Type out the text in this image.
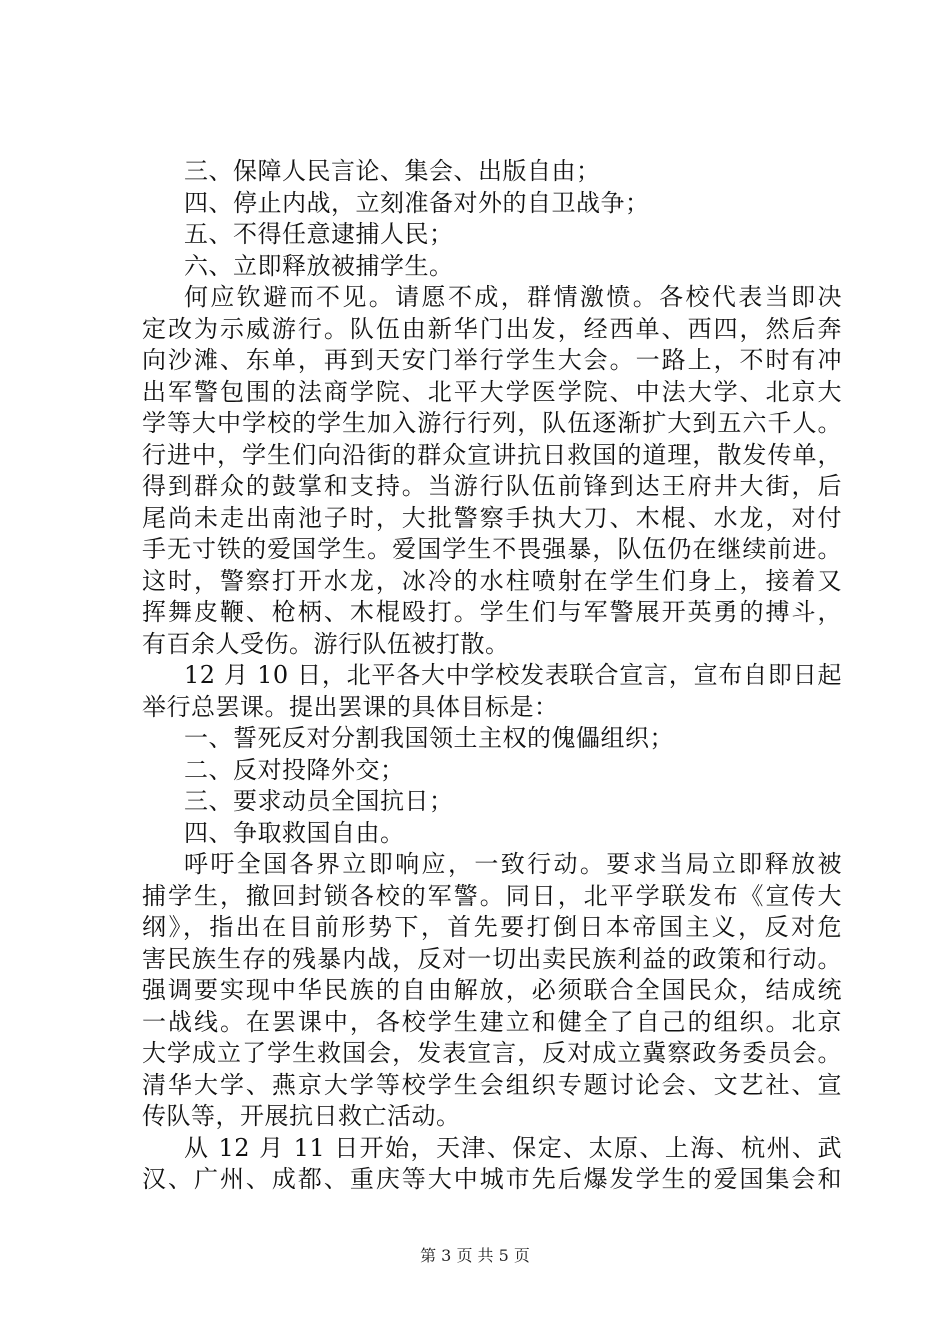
三、保障人民言论、集会、出版自由；
四、停止内战，立刻准备对外的自卫战争；
五、不得任意逮捕人民；
六、立即释放被捕学生。
何应钦避而不见。请愿不成，群情激愤。各校代表当即决
定改为示威游行。队伍由新华门出发，经西单、西四，然后奔
向沙滩、东单，再到天安门举行学生大会。一路上，不时有冲
出军警包围的法商学院、北平大学医学院、中法大学、北京大
学等大中学校的学生加入游行行列，队伍逐渐扩大到五六千人。
行进中，学生们向沿街的群众宣讲抗日救国的道理，散发传单，
得到群众的鼓掌和支持。当游行队伍前锋到达王府井大街，后
尾尚未走出南池子时，大批警察手执大刀、木棍、水龙，对付
手无寸铁的爱国学生。爱国学生不畏强暴，队伍仍在继续前进。
这时，警察打开水龙，冰冷的水柱喷射在学生们身上，接着又
挥舞皮鞭、枪柄、木棍殴打。学生们与军警展开英勇的搏斗，
有百余人受伤。游行队伍被打散。
12 月 10 日，北平各大中学校发表联合宣言，宣布自即日起
举行总罢课。提出罢课的具体目标是：
一、誓死反对分割我国领土主权的傀儡组织；
二、反对投降外交；
三、要求动员全国抗日；
四、争取救国自由。
呼吁全国各界立即响应，一致行动。要求当局立即释放被
捕学生，撤回封锁各校的军警。同日，北平学联发布《宣传大
纲》，指出在目前形势下，首先要打倒日本帝国主义，反对危
害民族生存的残暴内战，反对一切出卖民族利益的政策和行动。
强调要实现中华民族的自由解放，必须联合全国民众，结成统
一战线。在罢课中，各校学生建立和健全了自己的组织。北京
大学成立了学生救国会，发表宣言，反对成立冀察政务委员会。
清华大学、燕京大学等校学生会组织专题讨论会、文艺社、宣
传队等，开展抗日救亡活动。
从 12 月 11 日开始，天津、保定、太原、上海、杭州、武
汉、广州、成都、重庆等大中城市先后爆发学生的爱国集会和
第 3 页 共 5 页
